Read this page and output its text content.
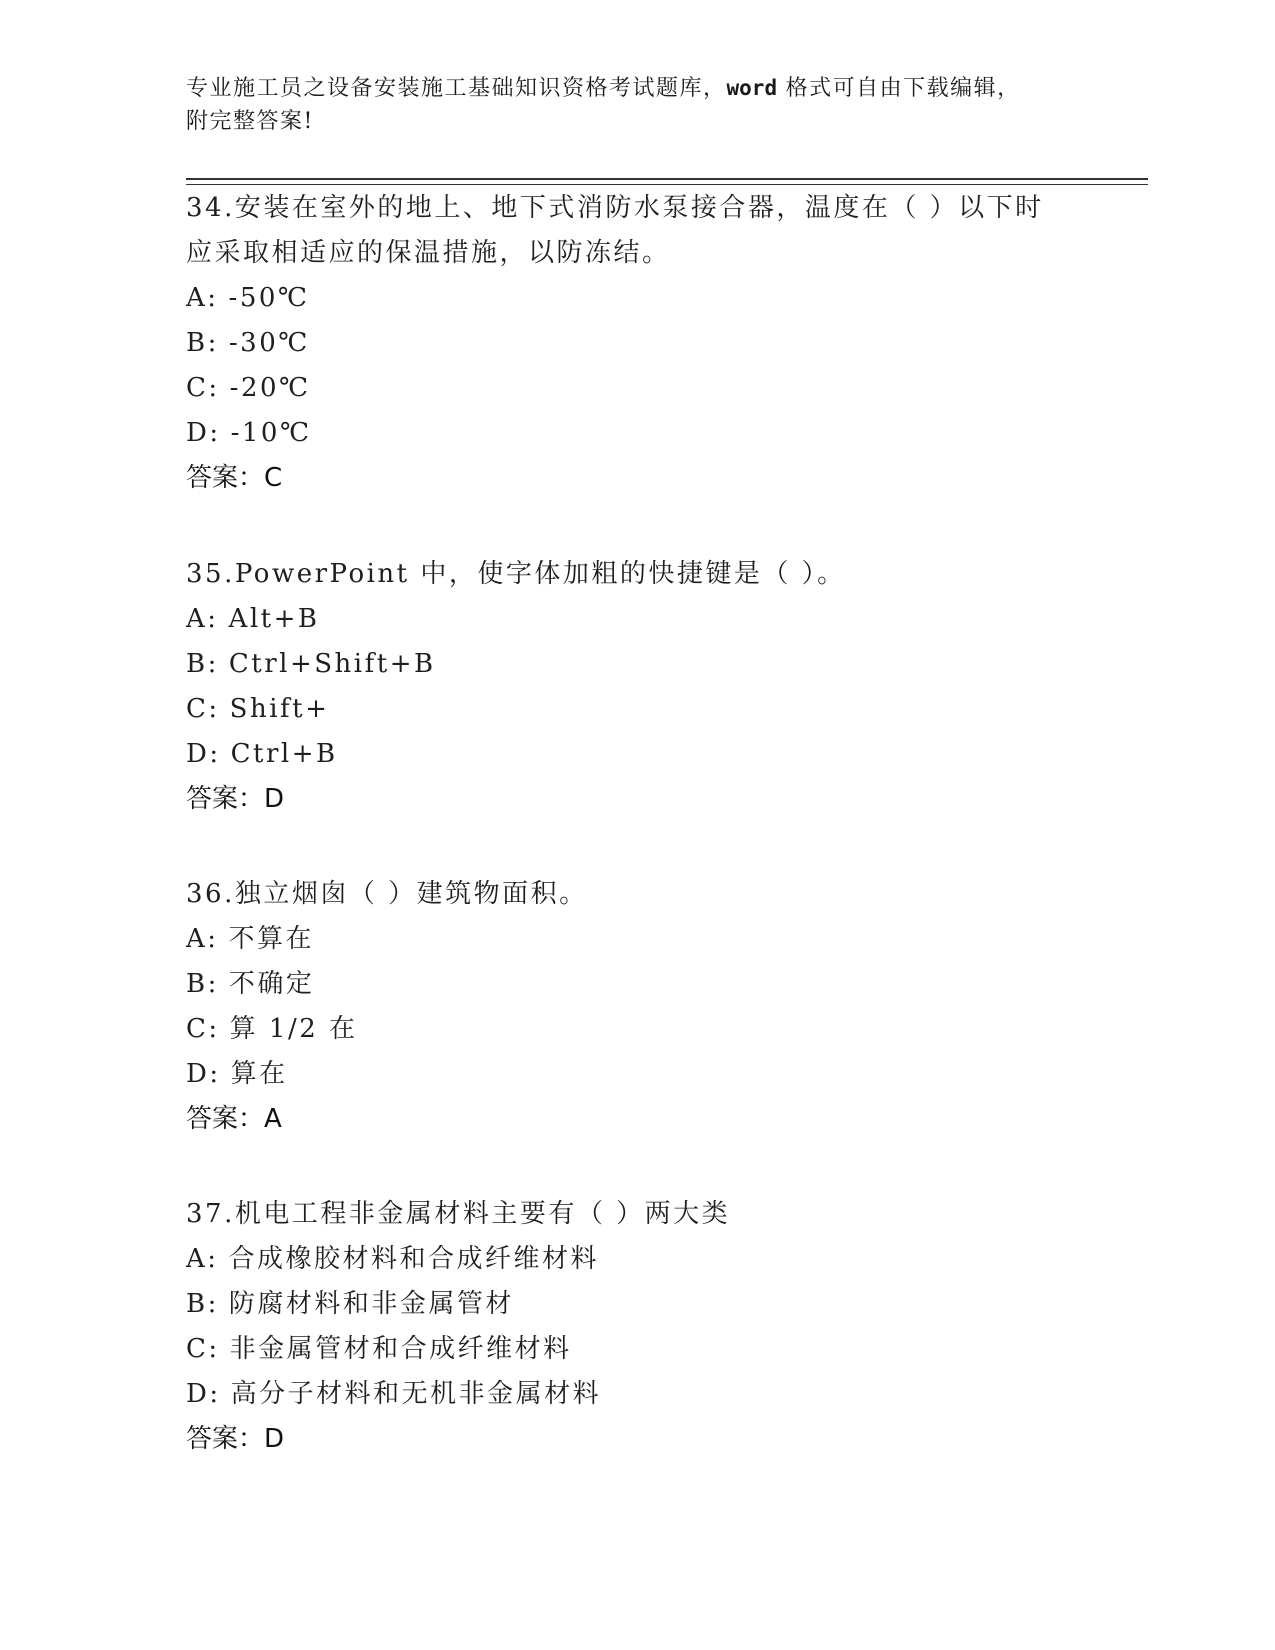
专业施工员之设备安装施工基础知识资格考试题库，word 格式可自由下载编辑，
附完整答案!

34.安装在室外的地上、地下式消防水泵接合器，温度在（ ）以下时

应采取相适应的保温措施，以防冻结。

A: -50℃

B: -30℃

C: -20℃

D: -10℃

答案：C

35.PowerPoint 中，使字体加粗的快捷键是（ ）。

A: Alt+B

B: Ctrl+Shift+B

C: Shift+

D: Ctrl+B

答案：D

36.独立烟囱（ ）建筑物面积。

A: 不算在

B: 不确定

C: 算 1/2 在

D: 算在

答案：A

37.机电工程非金属材料主要有（ ）两大类

A: 合成橡胶材料和合成纤维材料

B: 防腐材料和非金属管材

C: 非金属管材和合成纤维材料

D: 高分子材料和无机非金属材料

答案：D
